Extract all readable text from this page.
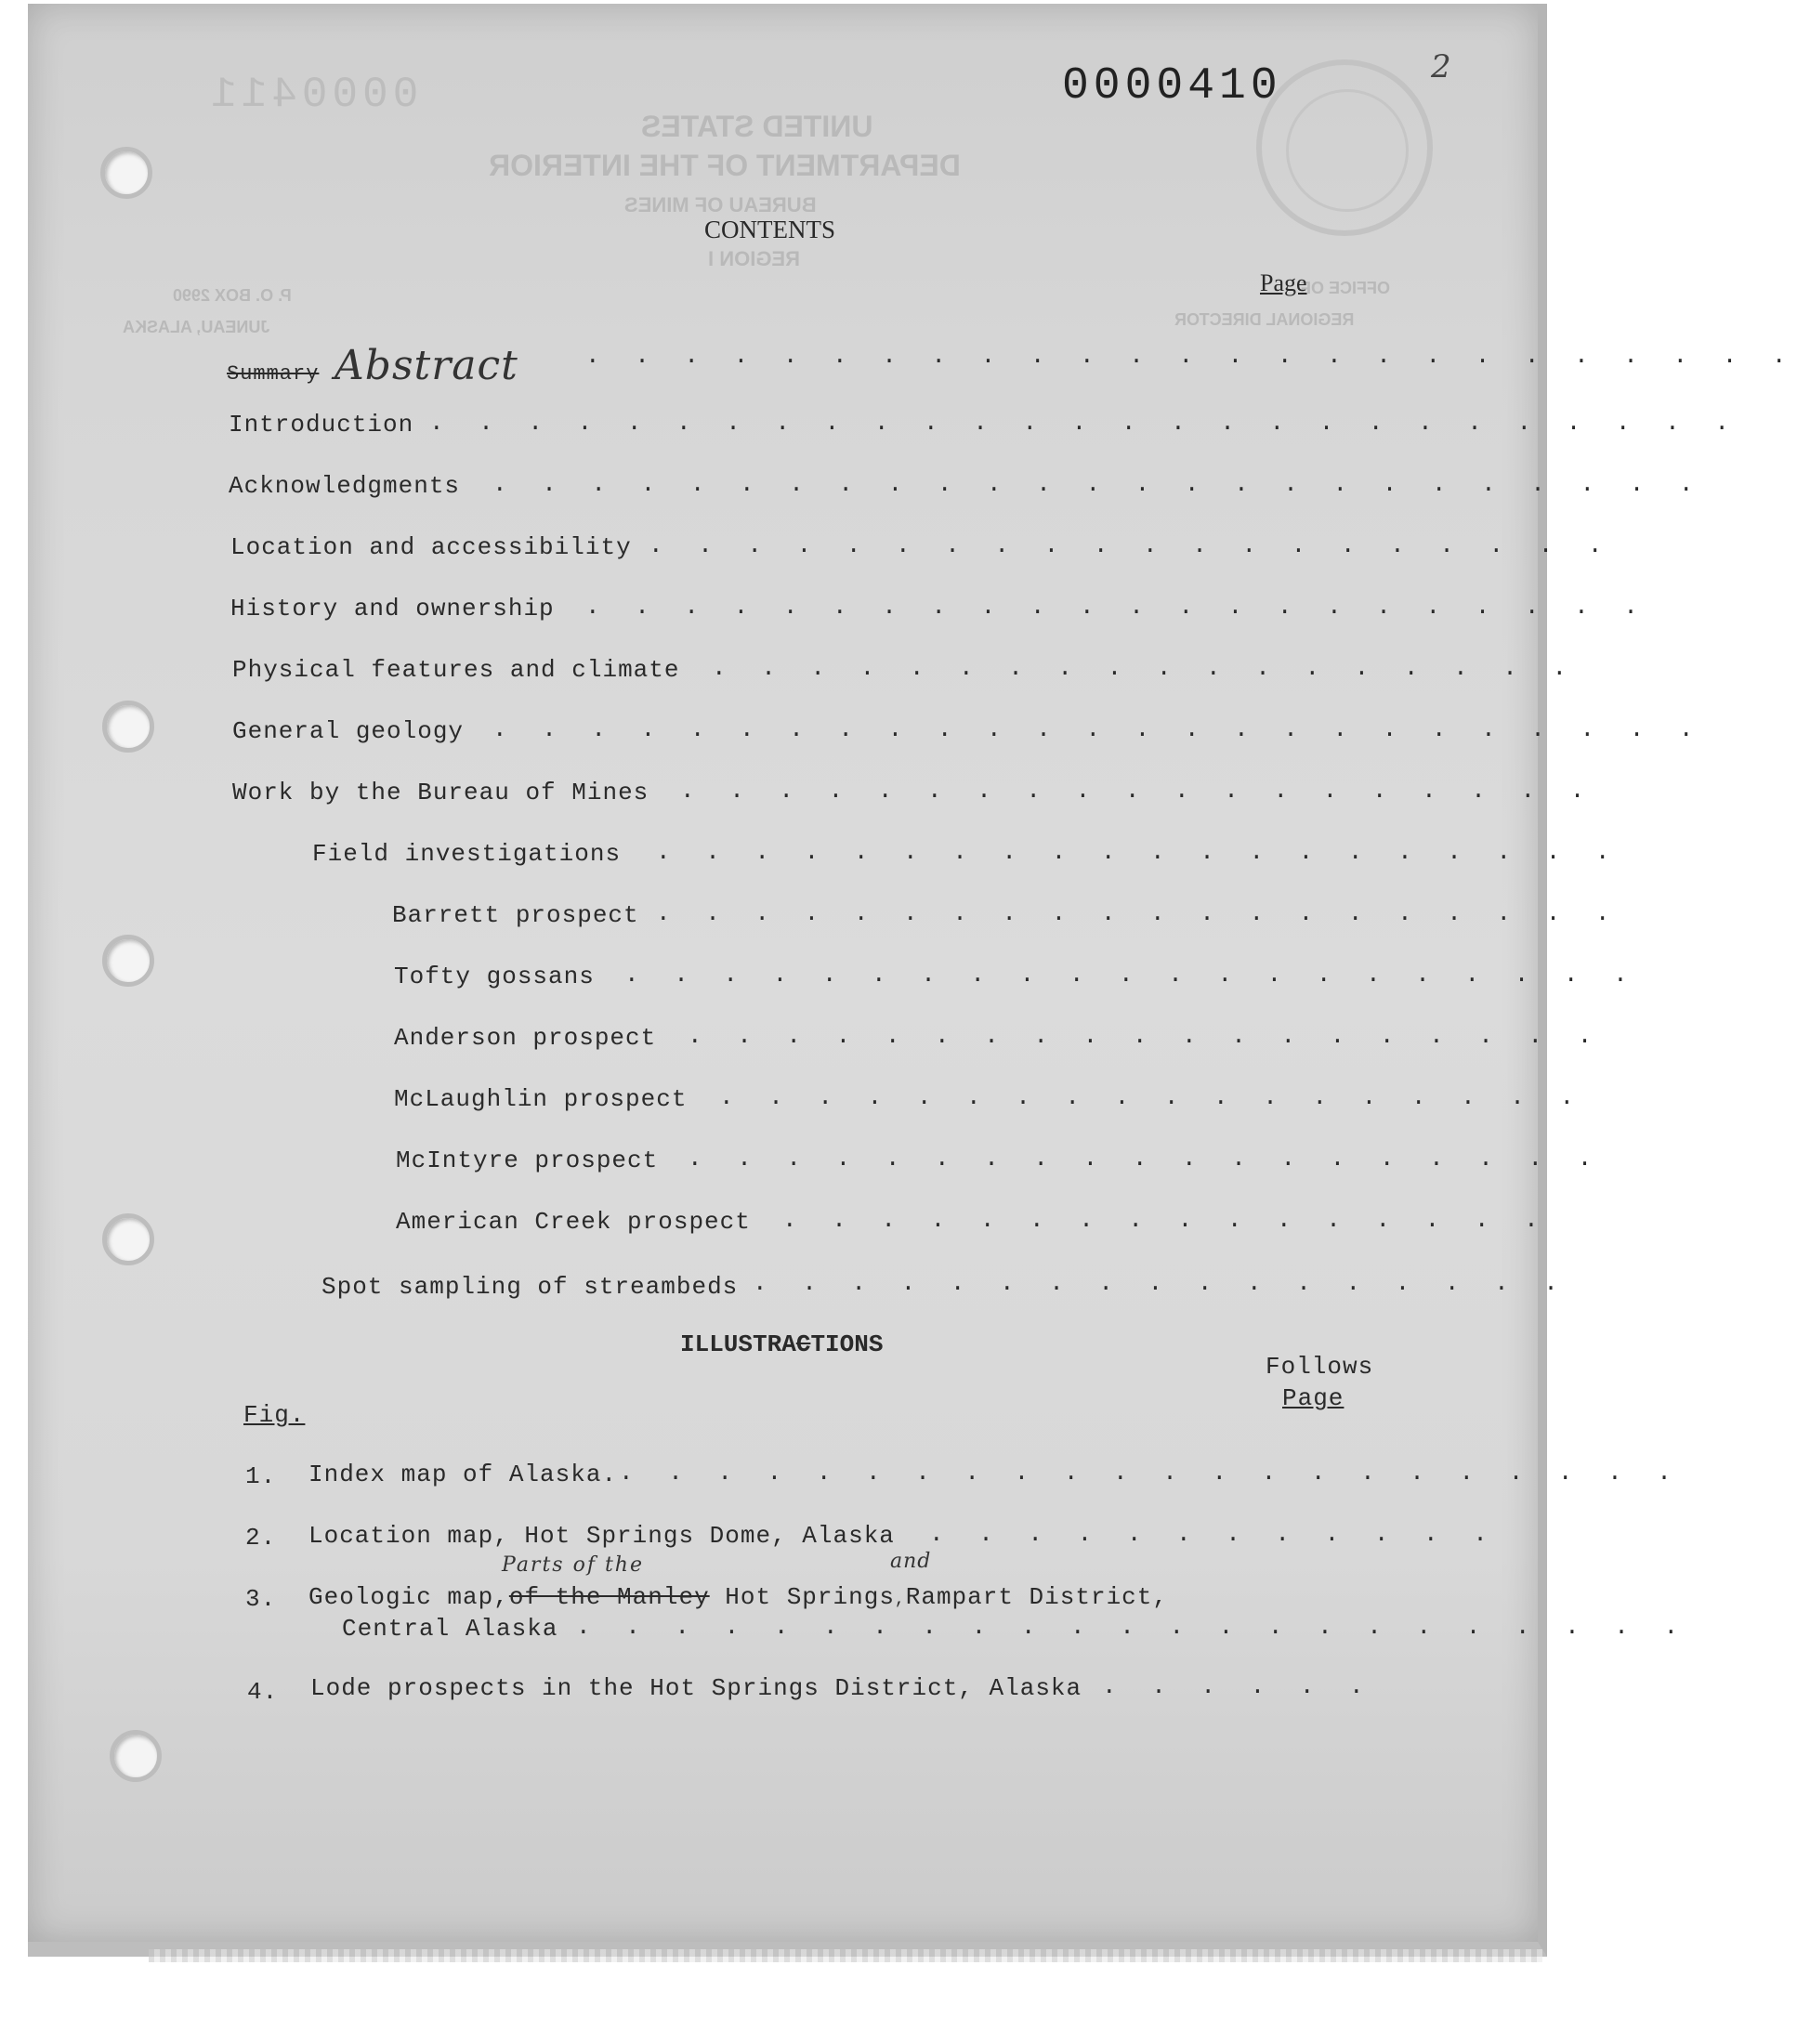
0000411
UNITED STATES
DEPARTMENT OF THE INTERIOR
BUREAU OF MINES
REGION I
P. O. BOX 2990
JUNEAU, ALASKA
OFFICE OF
REGIONAL DIRECTOR
0000410	2
CONTENTS
Page
Summary Abstract	. . . . . . . . . . . . . . . . . . . . . . . . .
Introduction . . . . . . . . . . . . . . . . . . . . . . . . . . .
Acknowledgments . . . . . . . . . . . . . . . . . . . . . . . . .
Location and accessibility . . . . . . . . . . . . . . . . . . . .
History and ownership . . . . . . . . . . . . . . . . . . . . . .
Physical features and climate . . . . . . . . . . . . . . . . . .
General geology . . . . . . . . . . . . . . . . . . . . . . . . .
Work by the Bureau of Mines . . . . . . . . . . . . . . . . . . .
Field investigations . . . . . . . . . . . . . . . . . . . .
Barrett prospect . . . . . . . . . . . . . . . . . . . .
Tofty gossans . . . . . . . . . . . . . . . . . . . . .
Anderson prospect . . . . . . . . . . . . . . . . . . .
McLaughlin prospect . . . . . . . . . . . . . . . . . .
McIntyre prospect . . . . . . . . . . . . . . . . . . .
American Creek prospect . . . . . . . . . . . . . . . .
Spot sampling of streambeds . . . . . . . . . . . . . . . . .
ILLUSTRACTIONS
Follows
Page
Fig.
1. Index map of Alaska. . . . . . . . . . . . . . . . . . . . . . .
2. Location map, Hot Springs Dome, Alaska . . . . . . . . . . . .
Parts of the	and
3. Geologic map,of the Manley Hot Springs,Rampart District,
Central Alaska . . . . . . . . . . . . . . . . . . . . . . .
4. Lode prospects in the Hot Springs District, Alaska . . . . . .
